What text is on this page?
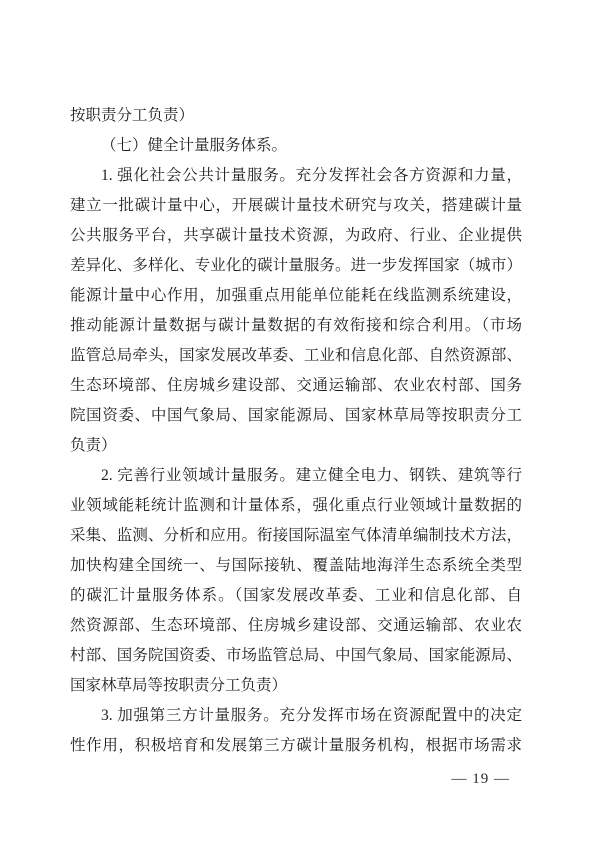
按职责分工负责）
（七）健全计量服务体系。
1. 强化社会公共计量服务。充分发挥社会各方资源和力量，
建立一批碳计量中心，开展碳计量技术研究与攻关，搭建碳计量
公共服务平台，共享碳计量技术资源，为政府、行业、企业提供
差异化、多样化、专业化的碳计量服务。进一步发挥国家（城市）
能源计量中心作用，加强重点用能单位能耗在线监测系统建设，
推动能源计量数据与碳计量数据的有效衔接和综合利用。（市场
监管总局牵头，国家发展改革委、工业和信息化部、自然资源部、
生态环境部、住房城乡建设部、交通运输部、农业农村部、国务
院国资委、中国气象局、国家能源局、国家林草局等按职责分工
负责）
2. 完善行业领域计量服务。建立健全电力、钢铁、建筑等行
业领域能耗统计监测和计量体系，强化重点行业领域计量数据的
采集、监测、分析和应用。衔接国际温室气体清单编制技术方法，
加快构建全国统一、与国际接轨、覆盖陆地海洋生态系统全类型
的碳汇计量服务体系。（国家发展改革委、工业和信息化部、自
然资源部、生态环境部、住房城乡建设部、交通运输部、农业农
村部、国务院国资委、市场监管总局、中国气象局、国家能源局、
国家林草局等按职责分工负责）
3. 加强第三方计量服务。充分发挥市场在资源配置中的决定
性作用，积极培育和发展第三方碳计量服务机构，根据市场需求
— 19 —
